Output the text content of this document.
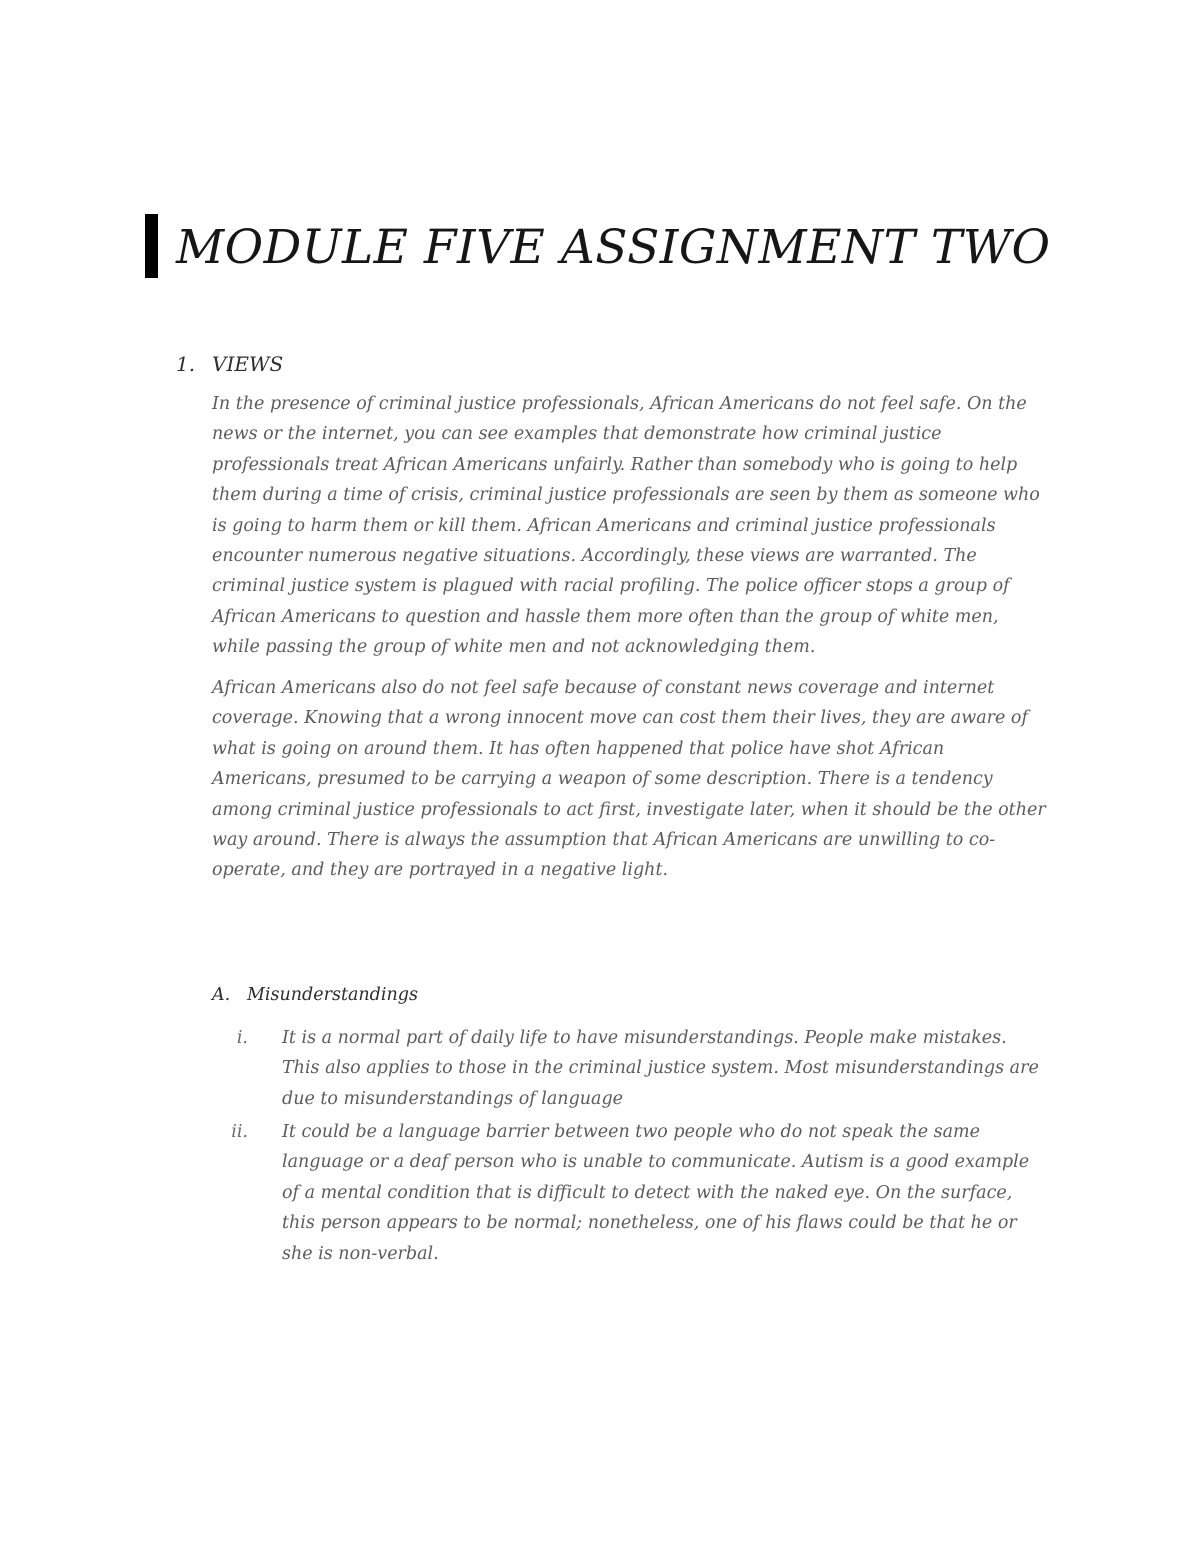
MODULE FIVE ASSIGNMENT TWO
1. VIEWS

In the presence of criminal justice professionals, African Americans do not feel safe. On the news or the internet, you can see examples that demonstrate how criminal justice professionals treat African Americans unfairly. Rather than somebody who is going to help them during a time of crisis, criminal justice professionals are seen by them as someone who is going to harm them or kill them. African Americans and criminal justice professionals encounter numerous negative situations. Accordingly, these views are warranted. The criminal justice system is plagued with racial profiling. The police officer stops a group of African Americans to question and hassle them more often than the group of white men, while passing the group of white men and not acknowledging them.

African Americans also do not feel safe because of constant news coverage and internet coverage. Knowing that a wrong innocent move can cost them their lives, they are aware of what is going on around them. It has often happened that police have shot African Americans, presumed to be carrying a weapon of some description. There is a tendency among criminal justice professionals to act first, investigate later, when it should be the other way around. There is always the assumption that African Americans are unwilling to co-operate, and they are portrayed in a negative light.

A. Misunderstandings
i.	It is a normal part of daily life to have misunderstandings. People make mistakes. This also applies to those in the criminal justice system. Most misunderstandings are due to misunderstandings of language
ii.	It could be a language barrier between two people who do not speak the same language or a deaf person who is unable to communicate. Autism is a good example of a mental condition that is difficult to detect with the naked eye. On the surface, this person appears to be normal; nonetheless, one of his flaws could be that he or she is non-verbal.
